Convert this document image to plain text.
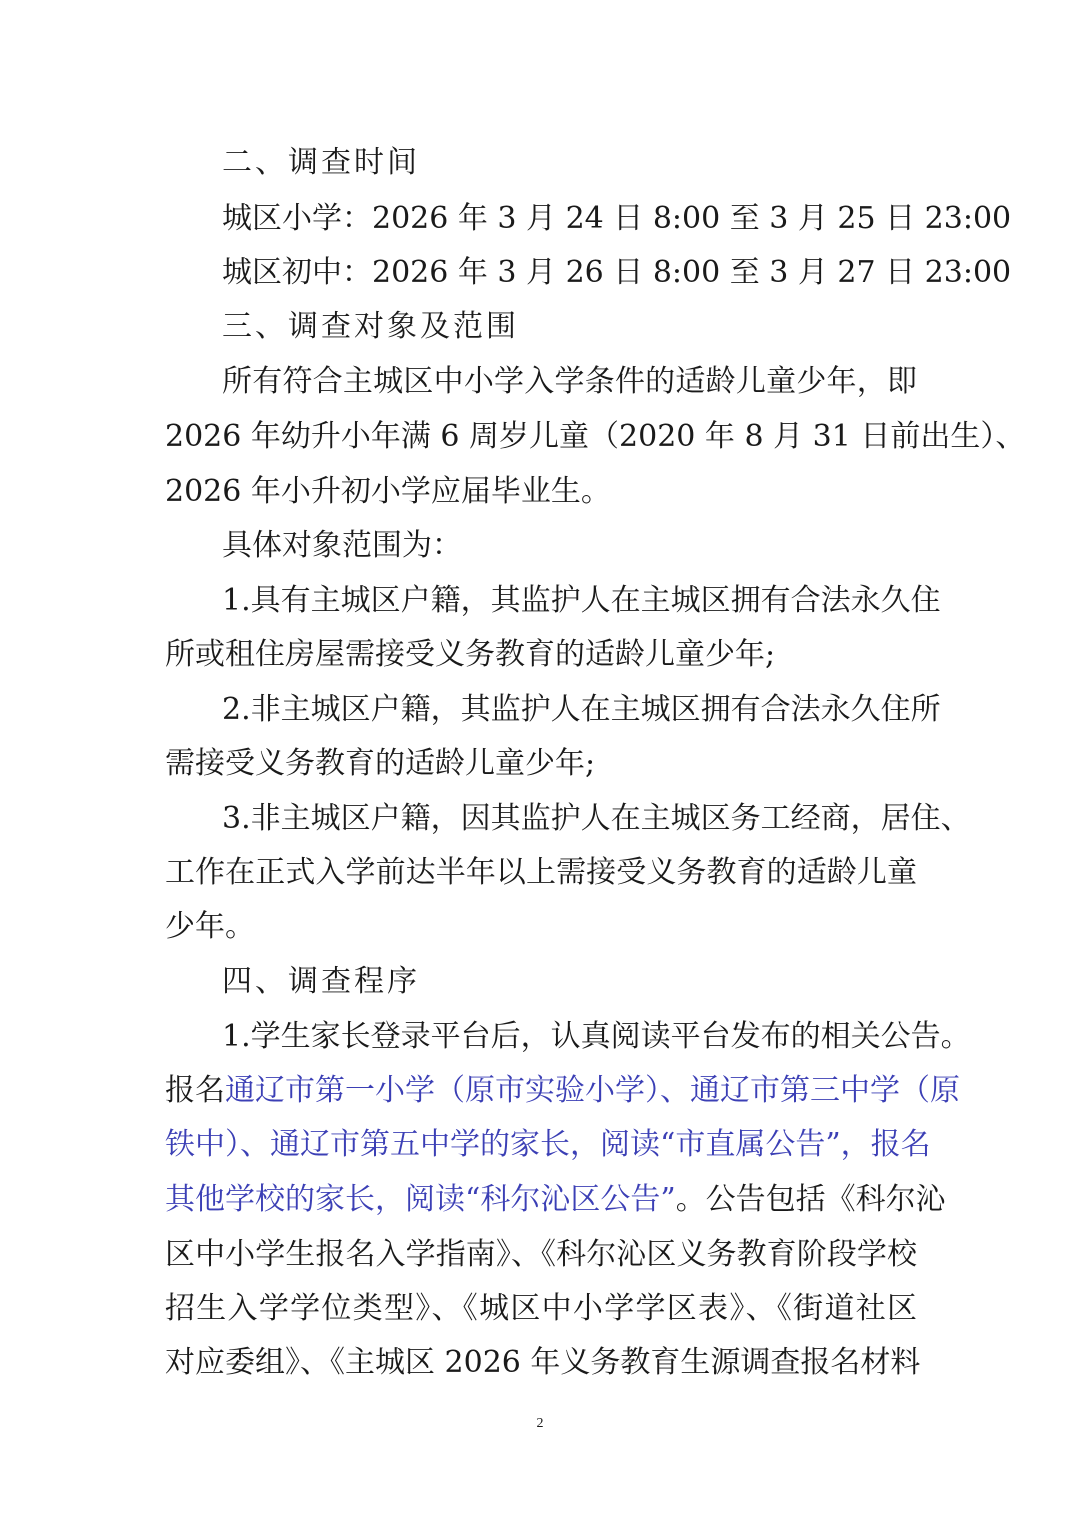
二、调查时间
城区小学：2026 年 3 月 24 日 8:00 至 3 月 25 日 23:00
城区初中：2026 年 3 月 26 日 8:00 至 3 月 27 日 23:00
三、调查对象及范围
所有符合主城区中小学入学条件的适龄儿童少年，即
2026 年幼升小年满 6 周岁儿童（2020 年 8 月 31 日前出生）、
2026 年小升初小学应届毕业生。
具体对象范围为：
1.具有主城区户籍，其监护人在主城区拥有合法永久住
所或租住房屋需接受义务教育的适龄儿童少年;
2.非主城区户籍，其监护人在主城区拥有合法永久住所
需接受义务教育的适龄儿童少年;
3.非主城区户籍，因其监护人在主城区务工经商，居住、
工作在正式入学前达半年以上需接受义务教育的适龄儿童
少年。
四、调查程序
1.学生家长登录平台后，认真阅读平台发布的相关公告。
报名通辽市第一小学（原市实验小学）、通辽市第三中学（原
铁中）、通辽市第五中学的家长，阅读“市直属公告”，报名
其他学校的家长，阅读“科尔沁区公告”。公告包括《科尔沁
区中小学生报名入学指南》、《科尔沁区义务教育阶段学校
招生入学学位类型》、《城区中小学学区表》、《街道社区
对应委组》、《主城区 2026 年义务教育生源调查报名材料
2
